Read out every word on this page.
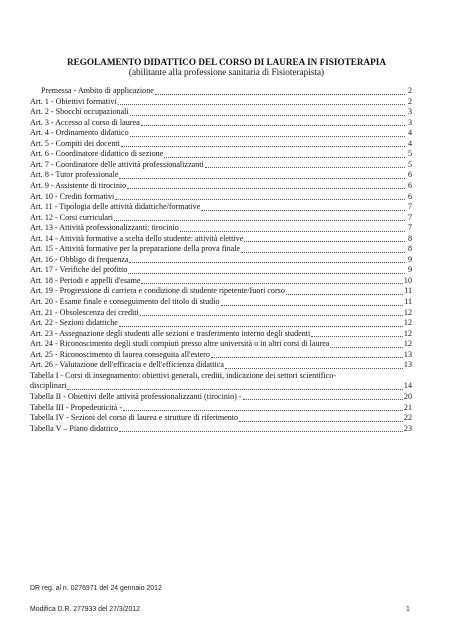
REGOLAMENTO DIDATTICO DEL CORSO DI LAUREA IN FISIOTERAPIA
(abilitante alla professione sanitaria di Fisioterapista)
Premessa - Ambito di applicazione	2
Art. 1 - Obiettivi formativi	2
Art. 2 - Sbocchi occupazionali	3
Art. 3 - Accesso al corso di laurea	3
Art. 4 - Ordinamento didattico	4
Art. 5 - Compiti dei docenti	4
Art. 6 - Coordinatore didattico di sezione	5
Art. 7 - Coordinatore delle attività professionalizzanti	5
Art. 8 - Tutor professionale	6
Art. 9 - Assistente di tirocinio	6
Art. 10 - Crediti formativi	6
Art. 11 - Tipologia delle attività didattiche/formative	7
Art. 12 - Corsi curriculari	7
Art. 13 - Attività professionalizzanti: tirocinio	7
Art. 14 - Attività formative a scelta dello studente: attività elettive	8
Art. 15 - Attività formative per la preparazione della prova finale	8
Art. 16 - Obbligo di frequenza	9
Art. 17 - Verifiche del profitto	9
Art. 18 - Periodi e appelli d'esame	10
Art. 19 - Progressione di carriera e condizione di studente ripetente/fuori corso	11
Art. 20 - Esame finale e conseguimento del titolo di studio	11
Art. 21 - Obsolescenza dei crediti	12
Art. 22 - Sezioni didattiche	12
Art. 23 - Assegnazione degli studenti alle sezioni e trasferimento interno degli studenti	12
Art. 24 - Riconoscimento degli studi compiuti presso altre università o in altri corsi di laurea	12
Art. 25 - Riconoscimento di laurea conseguita all'estero	13
Art. 26 - Valutazione dell'efficacia e dell'efficienza didattica	13
Tabella I - Corsi di insegnamento: obiettivi generali, crediti, indicazione dei settori scientifico-
disciplinari	14
Tabella II - Obiettivi delle attività professionalizzanti (tirocinio) -	20
Tabella III - Propedeuticità -	21
Tabella IV - Sezioni del corso di laurea e strutture di riferimento	22
Tabella V – Piano didattico	23
DR reg. al n. 0276971 del 24 gennaio 2012
Modifica D.R. 277933 del 27/3/2012	1
